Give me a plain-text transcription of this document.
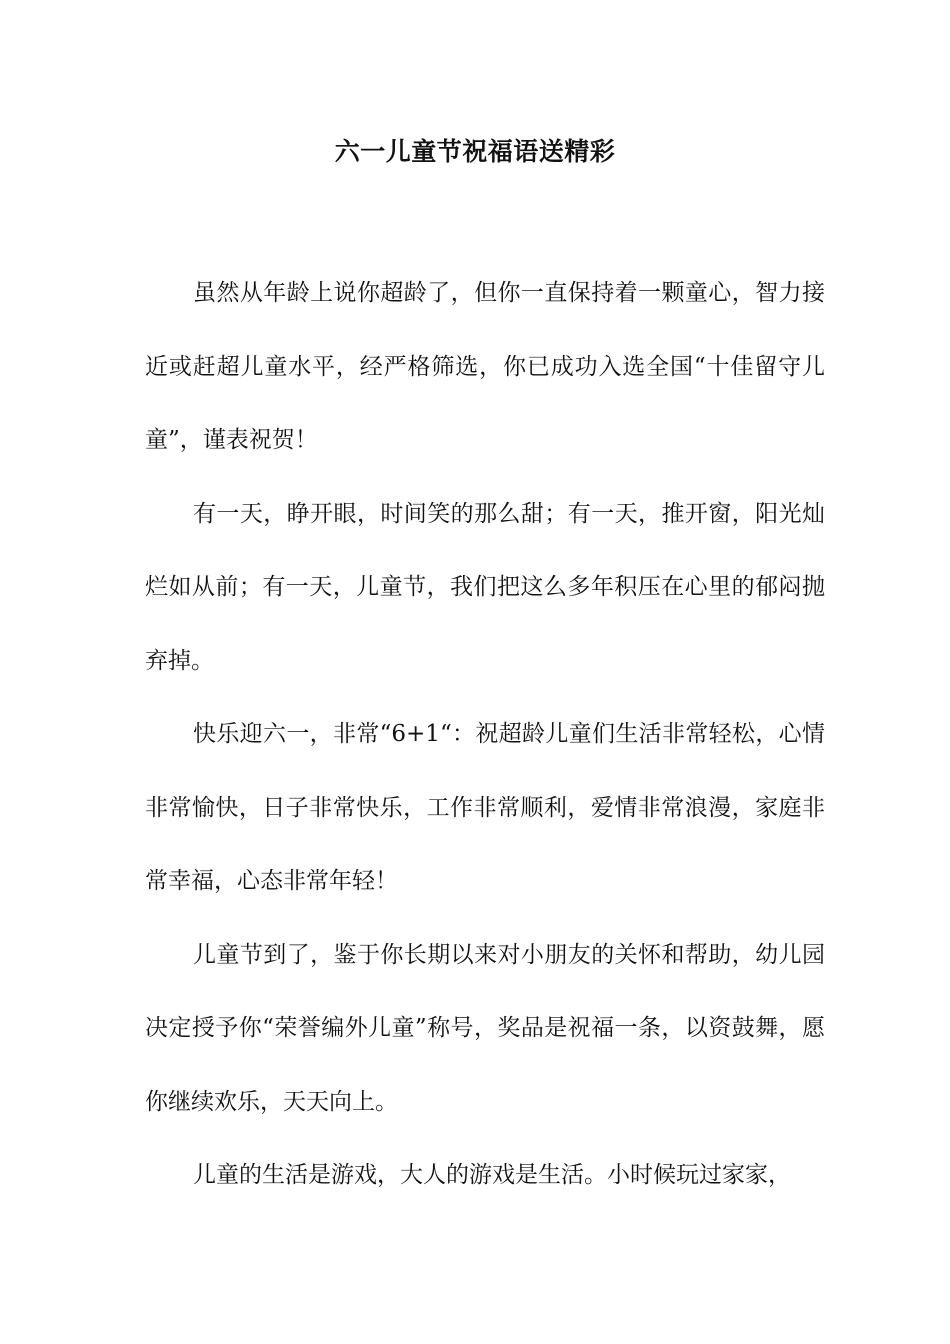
六一儿童节祝福语送精彩

虽然从年龄上说你超龄了，但你一直保持着一颗童心，智力接近或赶超儿童水平，经严格筛选，你已成功入选全国“十佳留守儿童”，谨表祝贺！

有一天，睁开眼，时间笑的那么甜；有一天，推开窗，阳光灿烂如从前；有一天，儿童节，我们把这么多年积压在心里的郁闷抛弃掉。

快乐迎六一，非常“6+1“：祝超龄儿童们生活非常轻松，心情非常愉快，日子非常快乐，工作非常顺利，爱情非常浪漫，家庭非常幸福，心态非常年轻！

儿童节到了，鉴于你长期以来对小朋友的关怀和帮助，幼儿园决定授予你“荣誉编外儿童”称号，奖品是祝福一条，以资鼓舞，愿你继续欢乐，天天向上。

儿童的生活是游戏，大人的游戏是生活。小时候玩过家家，
